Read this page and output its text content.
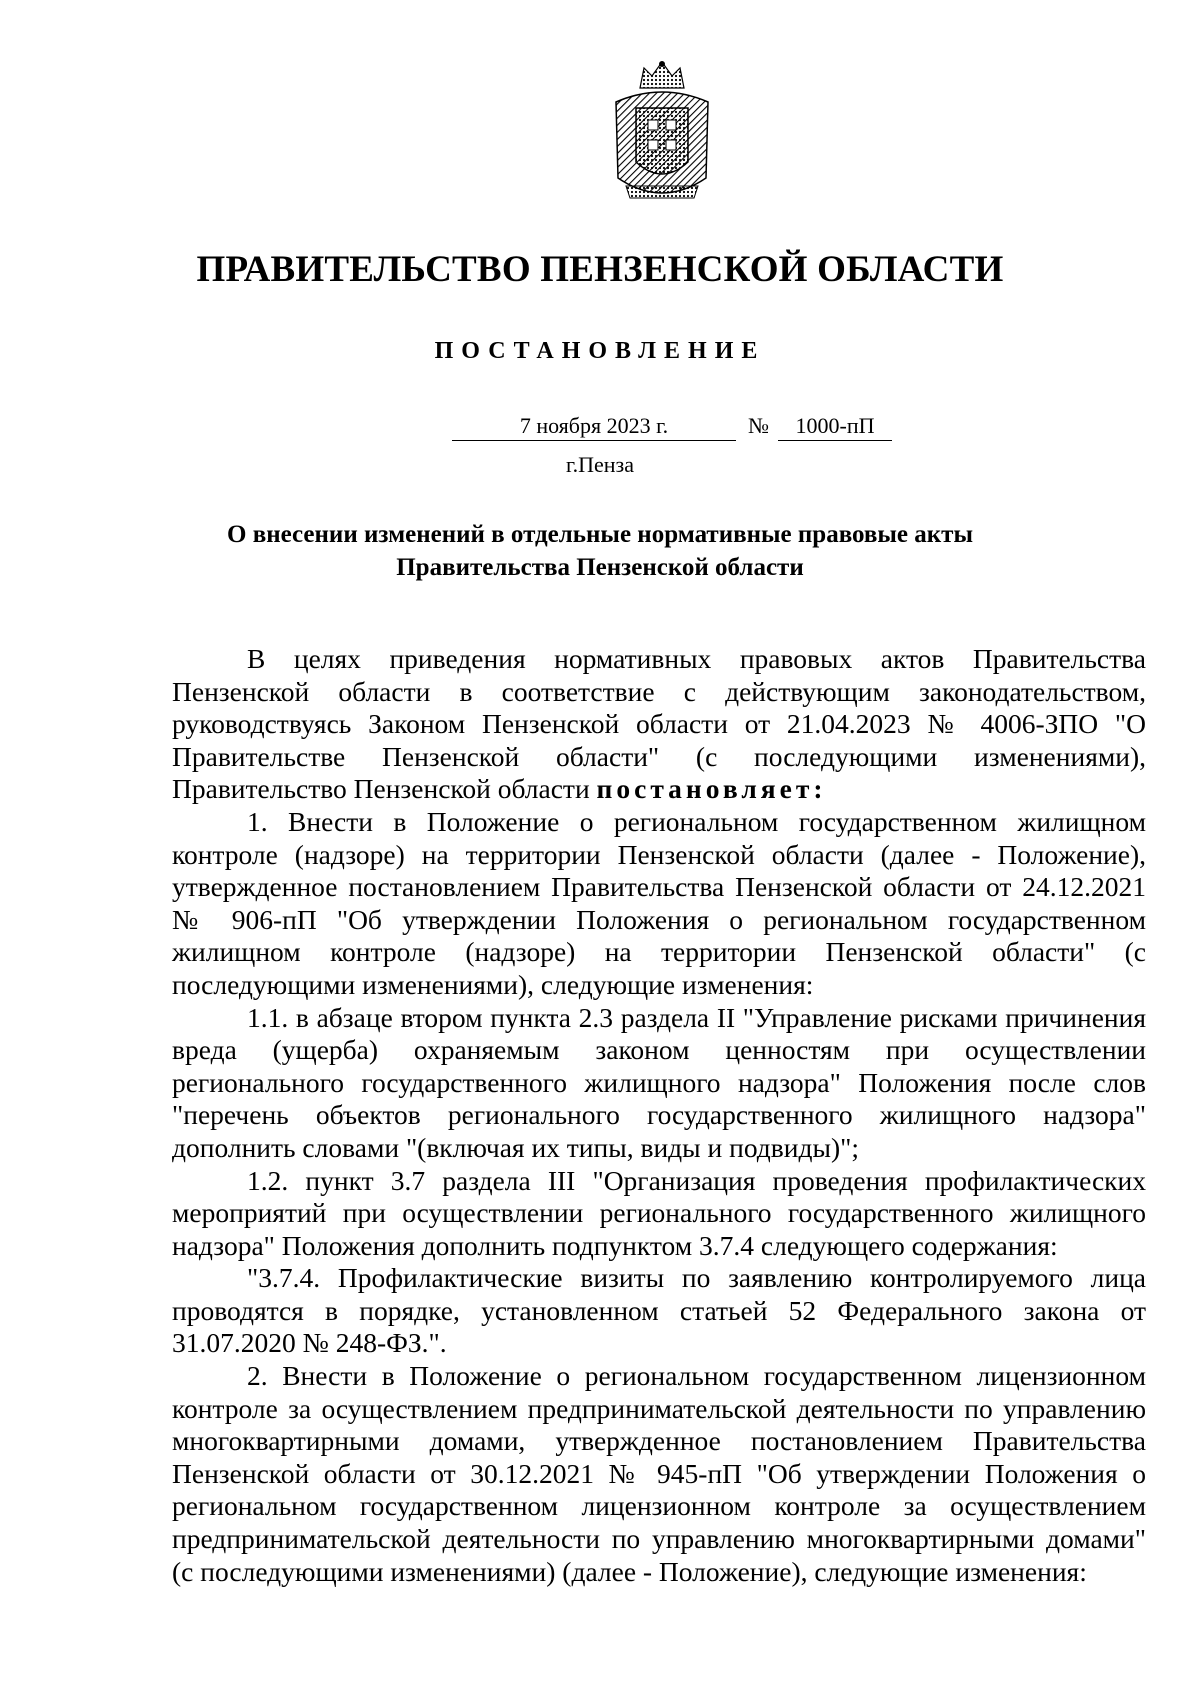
ПРАВИТЕЛЬСТВО ПЕНЗЕНСКОЙ ОБЛАСТИ
ПОСТАНОВЛЕНИЕ
7 ноября 2023 г.	№	1000-пП
г.Пенза
О внесении изменений в отдельные нормативные правовые акты
Правительства Пензенской области

В целях приведения нормативных правовых актов Правительства Пензенской области в соответствие с действующим законодательством, руководствуясь Законом Пензенской области от 21.04.2023 № 4006-ЗПО "О Правительстве Пензенской области" (с последующими изменениями), Правительство Пензенской области постановляет:

1. Внести в Положение о региональном государственном жилищном контроле (надзоре) на территории Пензенской области (далее - Положение), утвержденное постановлением Правительства Пензенской области от 24.12.2021 № 906-пП "Об утверждении Положения о региональном государственном жилищном контроле (надзоре) на территории Пензенской области" (с последующими изменениями), следующие изменения:

1.1. в абзаце втором пункта 2.3 раздела II "Управление рисками причинения вреда (ущерба) охраняемым законом ценностям при осуществлении регионального государственного жилищного надзора" Положения после слов "перечень объектов регионального государственного жилищного надзора" дополнить словами "(включая их типы, виды и подвиды)";

1.2. пункт 3.7 раздела III "Организация проведения профилактических мероприятий при осуществлении регионального государственного жилищного надзора" Положения дополнить подпунктом 3.7.4 следующего содержания:

"3.7.4. Профилактические визиты по заявлению контролируемого лица проводятся в порядке, установленном статьей 52 Федерального закона от 31.07.2020 № 248-ФЗ.".

2. Внести в Положение о региональном государственном лицензионном контроле за осуществлением предпринимательской деятельности по управлению многоквартирными домами, утвержденное постановлением Правительства Пензенской области от 30.12.2021 № 945-пП "Об утверждении Положения о региональном государственном лицензионном контроле за осуществлением предпринимательской деятельности по управлению многоквартирными домами" (с последующими изменениями) (далее - Положение), следующие изменения:
